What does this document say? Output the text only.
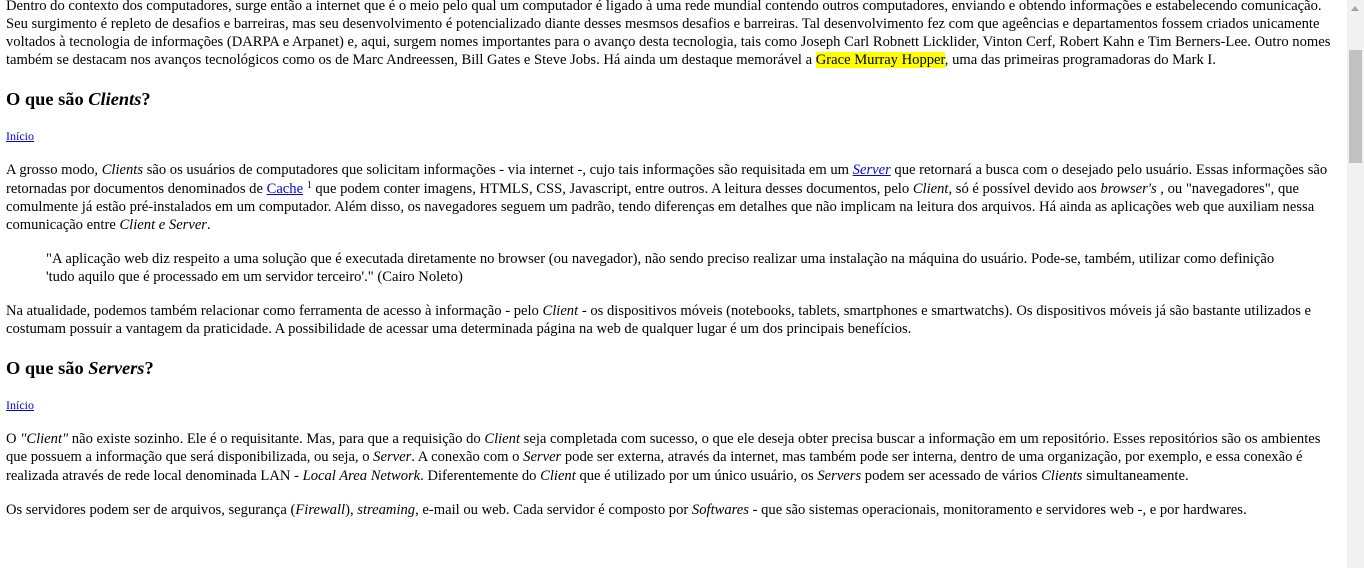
Dentro do contexto dos computadores, surge então a internet que é o meio pelo qual um computador é ligado à uma rede mundial contendo outros computadores, enviando e obtendo informações e estabelecendo comunicação. Seu surgimento é repleto de desafios e barreiras, mas seu desenvolvimento é potencializado diante desses mesmsos desafios e barreiras. Tal desenvolvimento fez com que ageências e departamentos fossem criados unicamente voltados à tecnologia de informações (DARPA e Arpanet) e, aqui, surgem nomes importantes para o avanço desta tecnologia, tais como Joseph Carl Robnett Licklider, Vinton Cerf, Robert Kahn e Tim Berners-Lee. Outro nomes também se destacam nos avanços tecnológicos como os de Marc Andreessen, Bill Gates e Steve Jobs. Há ainda um destaque memorável a Grace Murray Hopper, uma das primeiras programadoras do Mark I.

O que são Clients?

Início

A grosso modo, Clients são os usuários de computadores que solicitam informações - via internet -, cujo tais informações são requisitada em um Server que retornará a busca com o desejado pelo usuário. Essas informações são retornadas por documentos denominados de Cache $^1$ que podem conter imagens, HTMLS, CSS, Javascript, entre outros. A leitura desses documentos, pelo Client, só é possível devido aos browser's , ou "navegadores", que comulmente já estão pré-instalados em um computador. Além disso, os navegadores seguem um padrão, tendo diferenças em detalhes que não implicam na leitura dos arquivos. Há ainda as aplicações web que auxiliam nessa comunicação entre Client e Server.

"A aplicação web diz respeito a uma solução que é executada diretamente no browser (ou navegador), não sendo preciso realizar uma instalação na máquina do usuário. Pode-se, também, utilizar como definição 'tudo aquilo que é processado em um servidor terceiro'." (Cairo Noleto)

Na atualidade, podemos também relacionar como ferramenta de acesso à informação - pelo Client - os dispositivos móveis (notebooks, tablets, smartphones e smartwatchs). Os dispositivos móveis já são bastante utilizados e costumam possuir a vantagem da praticidade. A possibilidade de acessar uma determinada página na web de qualquer lugar é um dos principais benefícios.

O que são Servers?

Início

O "Client" não existe sozinho. Ele é o requisitante. Mas, para que a requisição do Client seja completada com sucesso, o que ele deseja obter precisa buscar a informação em um repositório. Esses repositórios são os ambientes que possuem a informação que será disponibilizada, ou seja, o Server. A conexão com o Server pode ser externa, através da internet, mas também pode ser interna, dentro de uma organização, por exemplo, e essa conexão é realizada através de rede local denominada LAN - Local Area Network. Diferentemente do Client que é utilizado por um único usuário, os Servers podem ser acessado de vários Clients simultaneamente.

Os servidores podem ser de arquivos, segurança (Firewall), streaming, e-mail ou web. Cada servidor é composto por Softwares - que são sistemas operacionais, monitoramento e servidores web -, e por hardwares.
